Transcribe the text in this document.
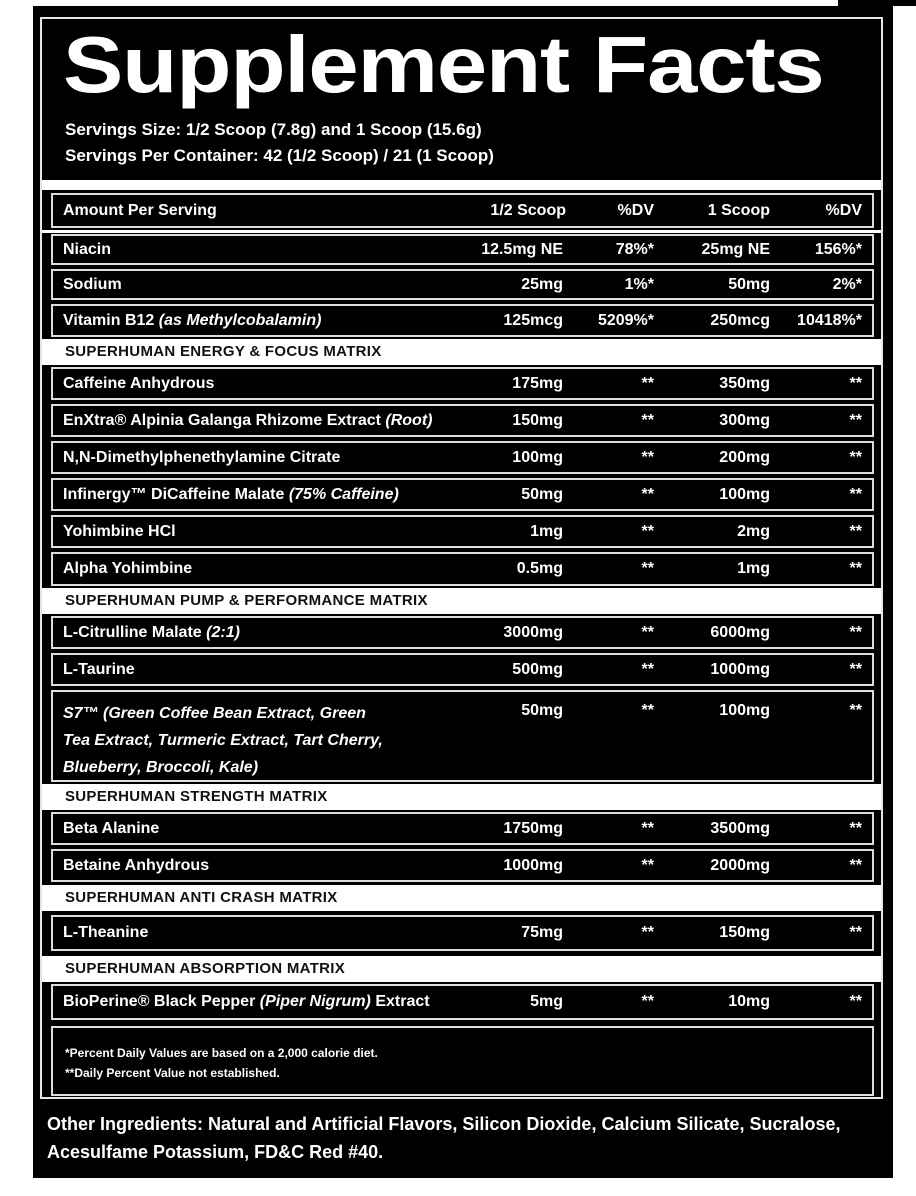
Supplement Facts
Servings Size: 1/2 Scoop (7.8g) and 1 Scoop (15.6g)
Servings Per Container: 42 (1/2 Scoop) / 21 (1 Scoop)
Amount Per Serving	1/2 Scoop	%DV	1 Scoop	%DV
Niacin	12.5mg NE	78%*	25mg NE	156%*
Sodium	25mg	1%*	50mg	2%*
Vitamin B12 (as Methylcobalamin)	125mcg 5209%*	250mcg 10418%*
SUPERHUMAN ENERGY & FOCUS MATRIX
Caffeine Anhydrous	175mg	**	350mg	**
EnXtra® Alpinia Galanga Rhizome Extract (Root)	150mg	**	300mg	**
N,N-Dimethylphenethylamine Citrate	100mg	**	200mg	**
Infinergy™ DiCaffeine Malate (75% Caffeine)	50mg	**	100mg	**
Yohimbine HCl	1mg	**	2mg	**
Alpha Yohimbine	0.5mg	**	1mg	**
SUPERHUMAN PUMP & PERFORMANCE MATRIX
L-Citrulline Malate (2:1)	3000mg	**	6000mg	**
L-Taurine	500mg	**	1000mg	**
S7™ (Green Coffee Bean Extract, Green
Tea Extract, Turmeric Extract, Tart Cherry,
Blueberry, Broccoli, Kale)
50mg	**	100mg	**
SUPERHUMAN STRENGTH MATRIX
Beta Alanine	1750mg	**	3500mg	**
Betaine Anhydrous	1000mg	**	2000mg	**
SUPERHUMAN ANTI CRASH MATRIX
L-Theanine	75mg	**	150mg	**
SUPERHUMAN ABSORPTION MATRIX
BioPerine® Black Pepper (Piper Nigrum) Extract	5mg	**	10mg	**
*Percent Daily Values are based on a 2,000 calorie diet.
**Daily Percent Value not established.
Other Ingredients: Natural and Artificial Flavors, Silicon Dioxide, Calcium Silicate, Sucralose, Acesulfame Potassium, FD&C Red #40.
